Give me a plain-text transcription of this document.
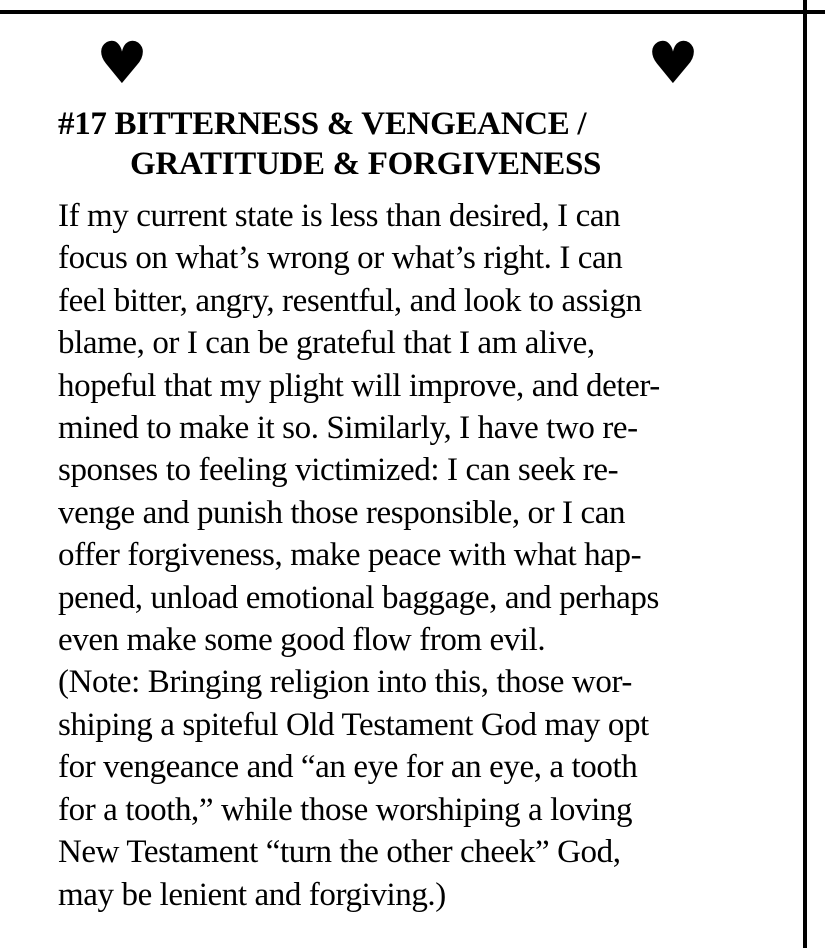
♥	♥
#17 BITTERNESS & VENGEANCE /
GRATITUDE & FORGIVENESS
If my current state is less than desired, I can
focus on what’s wrong or what’s right. I can
feel bitter, angry, resentful, and look to assign
blame, or I can be grateful that I am alive,
hopeful that my plight will improve, and deter-
mined to make it so. Similarly, I have two re-
sponses to feeling victimized: I can seek re-
venge and punish those responsible, or I can
offer forgiveness, make peace with what hap-
pened, unload emotional baggage, and perhaps
even make some good flow from evil.
(Note: Bringing religion into this, those wor-
shiping a spiteful Old Testament God may opt
for vengeance and “an eye for an eye, a tooth
for a tooth,” while those worshiping a loving
New Testament “turn the other cheek” God,
may be lenient and forgiving.)
